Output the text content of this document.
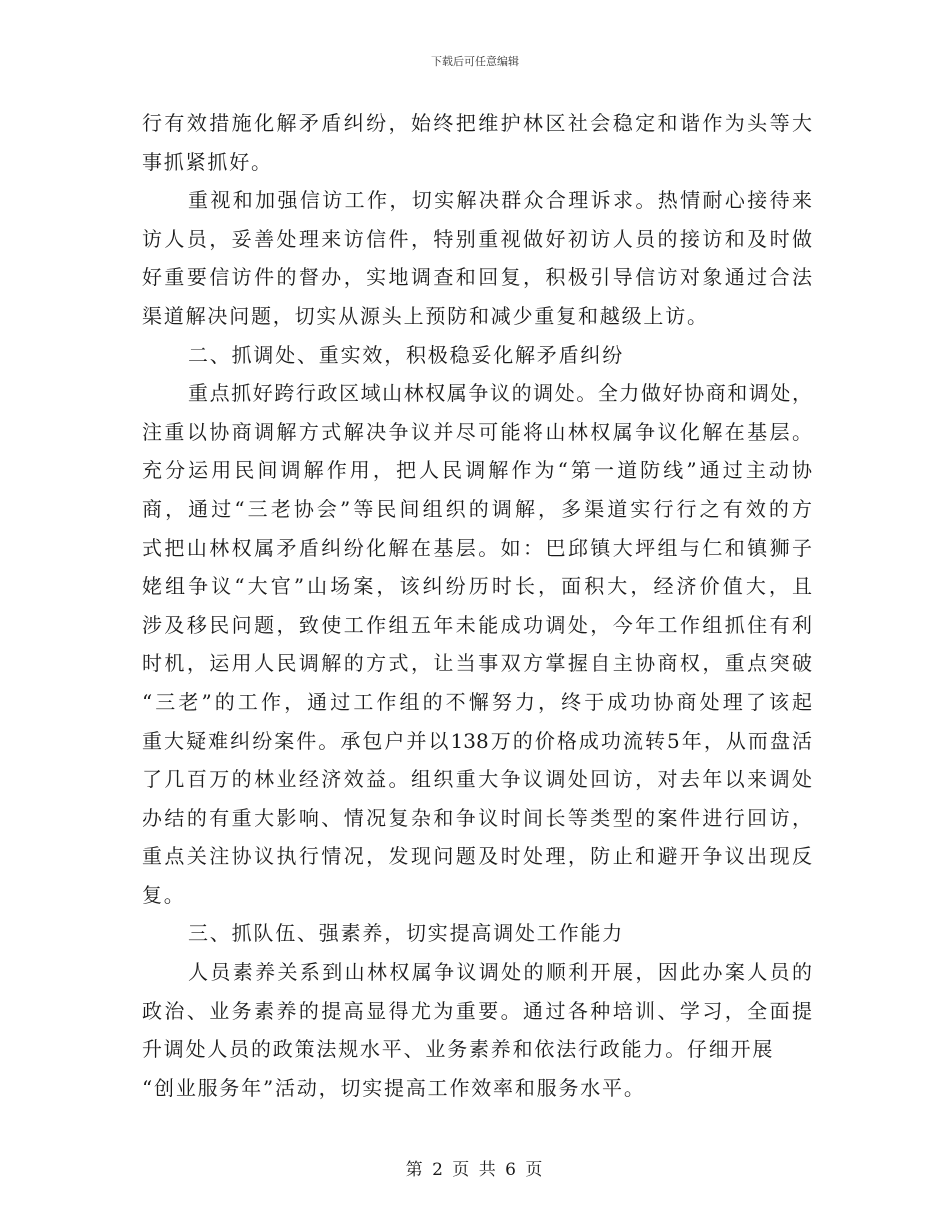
下载后可任意编辑
行有效措施化解矛盾纠纷，始终把维护林区社会稳定和谐作为头等大
事抓紧抓好。
重视和加强信访工作，切实解决群众合理诉求。热情耐心接待来
访人员，妥善处理来访信件，特别重视做好初访人员的接访和及时做
好重要信访件的督办，实地调查和回复，积极引导信访对象通过合法
渠道解决问题，切实从源头上预防和减少重复和越级上访。
二、抓调处、重实效，积极稳妥化解矛盾纠纷
重点抓好跨行政区域山林权属争议的调处。全力做好协商和调处，
注重以协商调解方式解决争议并尽可能将山林权属争议化解在基层。
充分运用民间调解作用，把人民调解作为“第一道防线”通过主动协
商，通过“三老协会”等民间组织的调解，多渠道实行行之有效的方
式把山林权属矛盾纠纷化解在基层。如：巴邱镇大坪组与仁和镇狮子
姥组争议“大官”山场案，该纠纷历时长，面积大，经济价值大，且
涉及移民问题，致使工作组五年未能成功调处，今年工作组抓住有利
时机，运用人民调解的方式，让当事双方掌握自主协商权，重点突破
“三老”的工作，通过工作组的不懈努力，终于成功协商处理了该起
重大疑难纠纷案件。承包户并以138万的价格成功流转5年，从而盘活
了几百万的林业经济效益。组织重大争议调处回访，对去年以来调处
办结的有重大影响、情况复杂和争议时间长等类型的案件进行回访，
重点关注协议执行情况，发现问题及时处理，防止和避开争议出现反
复。
三、抓队伍、强素养，切实提高调处工作能力
人员素养关系到山林权属争议调处的顺利开展，因此办案人员的
政治、业务素养的提高显得尤为重要。通过各种培训、学习，全面提
升调处人员的政策法规水平、业务素养和依法行政能力。仔细开展
“创业服务年”活动，切实提高工作效率和服务水平。
第 2 页 共 6 页
